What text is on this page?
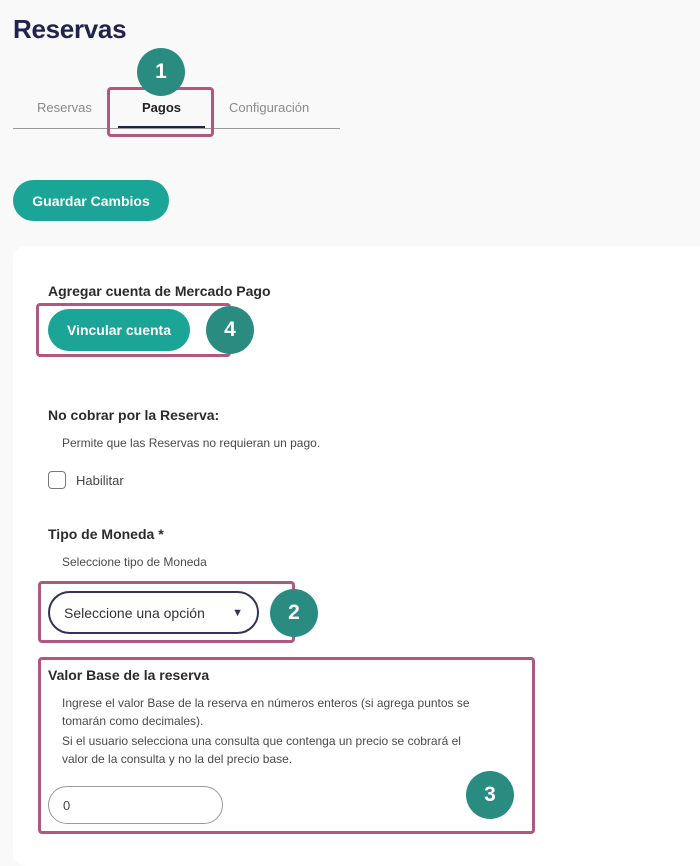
Reservas
Reservas	Pagos	Configuración
1
Guardar Cambios
Agregar cuenta de Mercado Pago
Vincular cuenta	4
No cobrar por la Reserva:
Permite que las Reservas no requieran un pago.
Habilitar
Tipo de Moneda *
Seleccione tipo de Moneda
Seleccione una opción ▼	2
Valor Base de la reserva
Ingrese el valor Base de la reserva en números enteros (si agrega puntos se
tomarán como decimales).
Si el usuario selecciona una consulta que contenga un precio se cobrará el
valor de la consulta y no la del precio base.
0
3
